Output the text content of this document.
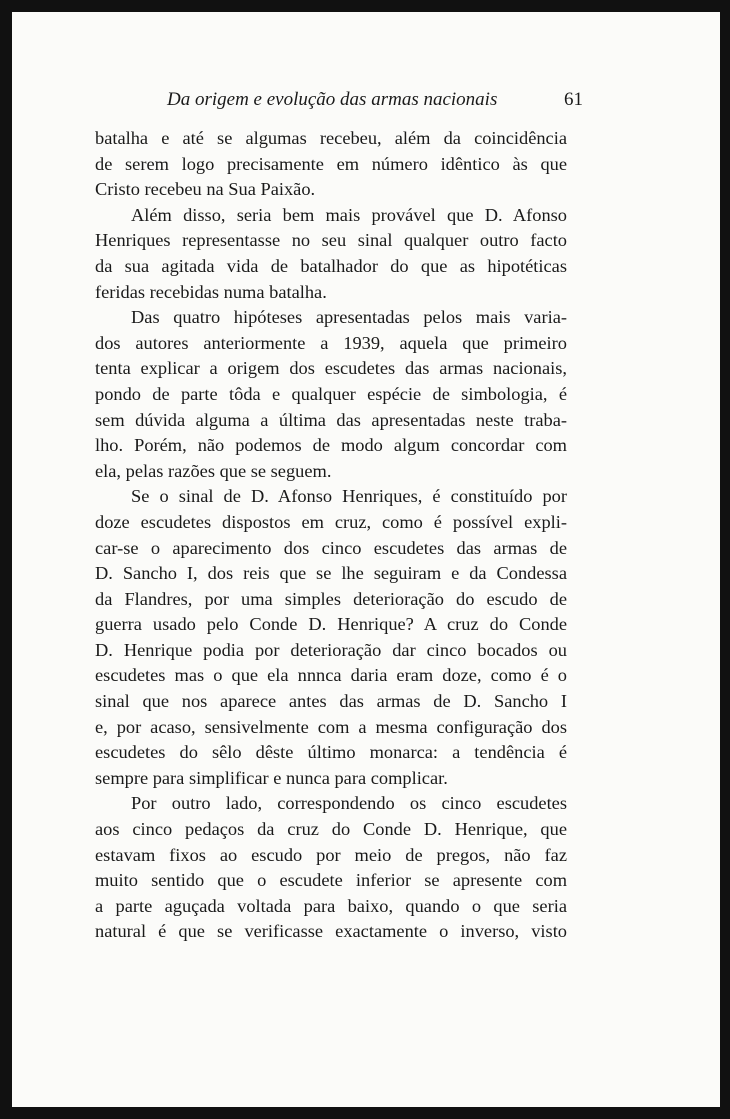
Da origem e evolução das armas nacionais	61
batalha e até se algumas recebeu, além da coincidência
de serem logo precisamente em número idêntico às que
Cristo recebeu na Sua Paixão.
Além disso, seria bem mais provável que D. Afonso
Henriques representasse no seu sinal qualquer outro facto
da sua agitada vida de batalhador do que as hipotéticas
feridas recebidas numa batalha.
Das quatro hipóteses apresentadas pelos mais varia-
dos autores anteriormente a 1939, aquela que primeiro
tenta explicar a origem dos escudetes das armas nacionais,
pondo de parte tôda e qualquer espécie de simbologia, é
sem dúvida alguma a última das apresentadas neste traba-
lho. Porém, não podemos de modo algum concordar com
ela, pelas razões que se seguem.
Se o sinal de D. Afonso Henriques, é constituído por
doze escudetes dispostos em cruz, como é possível expli-
car-se o aparecimento dos cinco escudetes das armas de
D. Sancho I, dos reis que se lhe seguiram e da Condessa
da Flandres, por uma simples deterioração do escudo de
guerra usado pelo Conde D. Henrique? A cruz do Conde
D. Henrique podia por deterioração dar cinco bocados ou
escudetes mas o que ela nnnca daria eram doze, como é o
sinal que nos aparece antes das armas de D. Sancho I
e, por acaso, sensivelmente com a mesma configuração dos
escudetes do sêlo dêste último monarca: a tendência é
sempre para simplificar e nunca para complicar.
Por outro lado, correspondendo os cinco escudetes
aos cinco pedaços da cruz do Conde D. Henrique, que
estavam fixos ao escudo por meio de pregos, não faz
muito sentido que o escudete inferior se apresente com
a parte aguçada voltada para baixo, quando o que seria
natural é que se verificasse exactamente o inverso, visto
